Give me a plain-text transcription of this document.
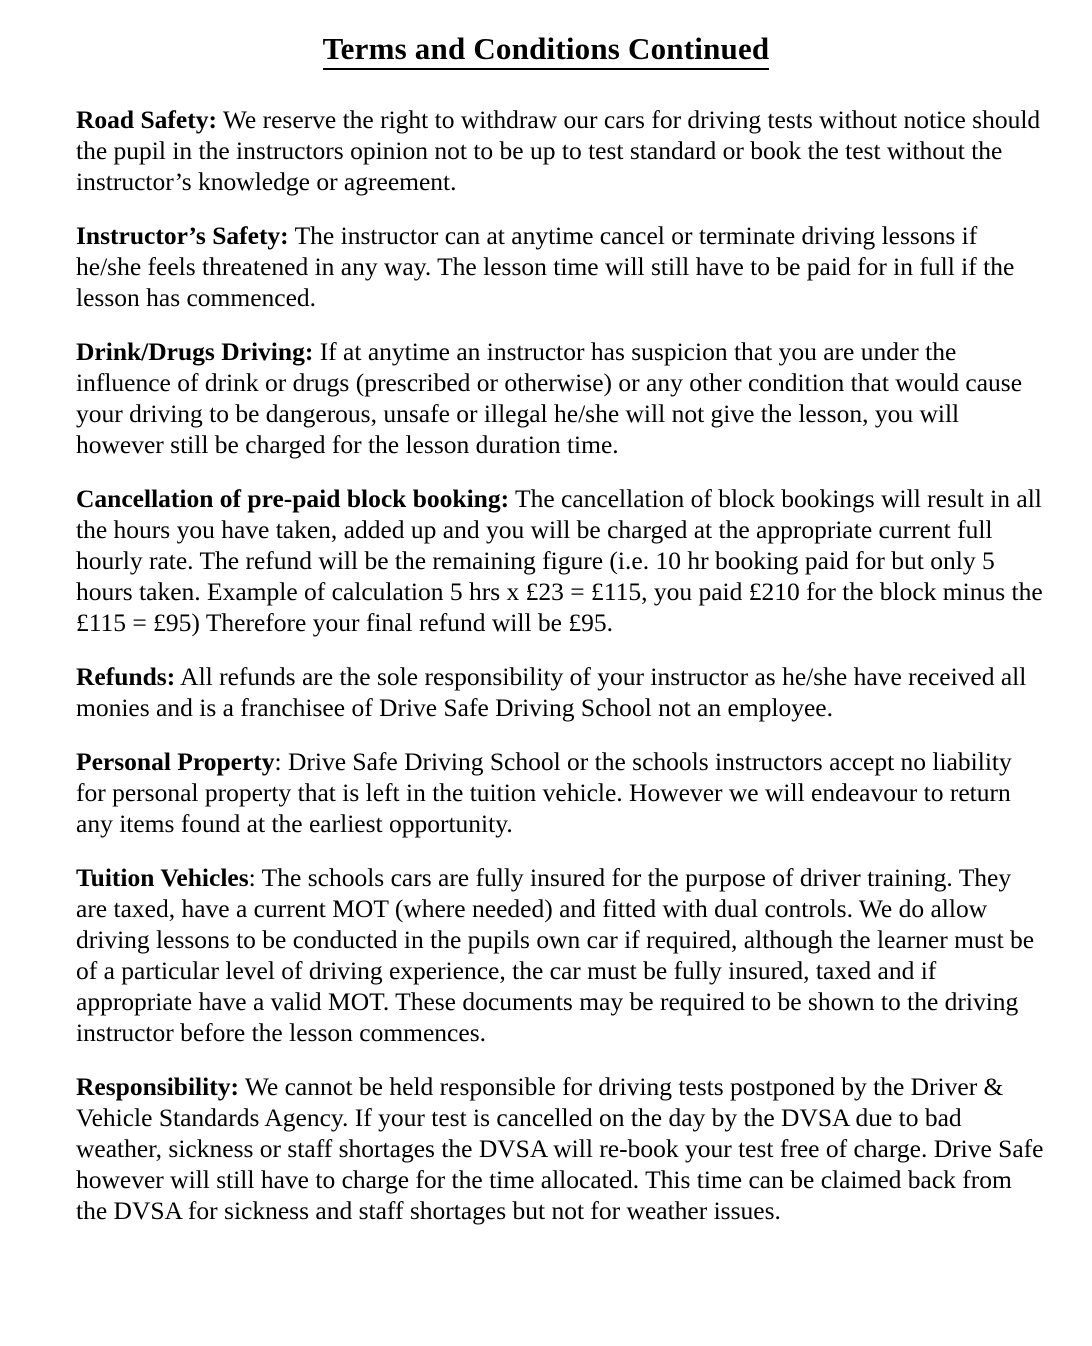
Terms and Conditions Continued

Road Safety: We reserve the right to withdraw our cars for driving tests without notice should the pupil in the instructors opinion not to be up to test standard or book the test without the instructor’s knowledge or agreement.

Instructor’s Safety: The instructor can at anytime cancel or terminate driving lessons if he/she feels threatened in any way. The lesson time will still have to be paid for in full if the lesson has commenced.

Drink/Drugs Driving: If at anytime an instructor has suspicion that you are under the influence of drink or drugs (prescribed or otherwise) or any other condition that would cause your driving to be dangerous, unsafe or illegal he/she will not give the lesson, you will however still be charged for the lesson duration time.

Cancellation of pre-paid block booking: The cancellation of block bookings will result in all the hours you have taken, added up and you will be charged at the appropriate current full hourly rate. The refund will be the remaining figure (i.e. 10 hr booking paid for but only 5 hours taken. Example of calculation 5 hrs x £23 = £115, you paid £210 for the block minus the £115 = £95) Therefore your final refund will be £95.

Refunds: All refunds are the sole responsibility of your instructor as he/she have received all monies and is a franchisee of Drive Safe Driving School not an employee.

Personal Property: Drive Safe Driving School or the schools instructors accept no liability for personal property that is left in the tuition vehicle. However we will endeavour to return any items found at the earliest opportunity.

Tuition Vehicles: The schools cars are fully insured for the purpose of driver training. They are taxed, have a current MOT (where needed) and fitted with dual controls. We do allow driving lessons to be conducted in the pupils own car if required, although the learner must be of a particular level of driving experience, the car must be fully insured, taxed and if appropriate have a valid MOT. These documents may be required to be shown to the driving instructor before the lesson commences.

Responsibility: We cannot be held responsible for driving tests postponed by the Driver & Vehicle Standards Agency. If your test is cancelled on the day by the DVSA due to bad weather, sickness or staff shortages the DVSA will re-book your test free of charge. Drive Safe however will still have to charge for the time allocated. This time can be claimed back from the DVSA for sickness and staff shortages but not for weather issues.
